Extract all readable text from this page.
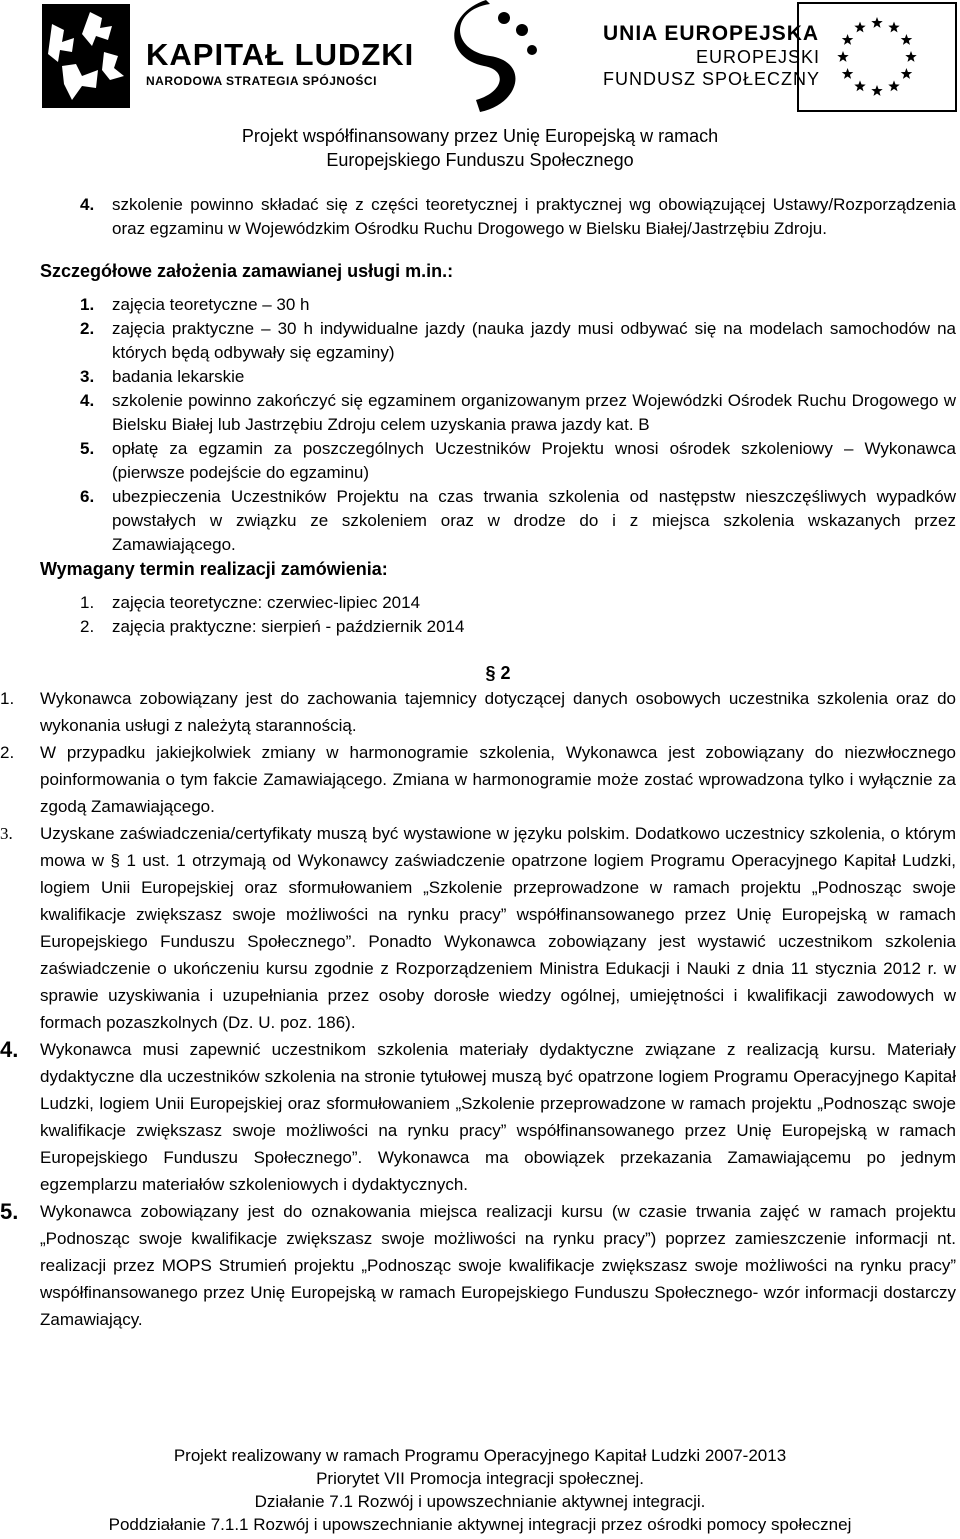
KAPITAŁ LUDZKI
NARODOWA STRATEGIA SPÓJNOŚCI
UNIA EUROPEJSKA
EUROPEJSKI
FUNDUSZ SPOŁECZNY
Projekt współfinansowany przez Unię Europejską w ramach
Europejskiego Funduszu Społecznego
4. szkolenie powinno składać się z części teoretycznej i praktycznej wg obowiązującej Ustawy/Rozporządzenia oraz egzaminu w Wojewódzkim Ośrodku Ruchu Drogowego w Bielsku Białej/Jastrzębiu Zdroju.
Szczegółowe założenia zamawianej usługi m.in.:
1. zajęcia teoretyczne – 30 h
2. zajęcia praktyczne – 30 h indywidualne jazdy (nauka jazdy musi odbywać się na modelach samochodów na których będą odbywały się egzaminy)
3. badania lekarskie
4. szkolenie powinno zakończyć się egzaminem organizowanym przez Wojewódzki Ośrodek Ruchu Drogowego w Bielsku Białej lub Jastrzębiu Zdroju celem uzyskania prawa jazdy kat. B
5. opłatę za egzamin za poszczególnych Uczestników Projektu wnosi ośrodek szkoleniowy – Wykonawca (pierwsze podejście do egzaminu)
6. ubezpieczenia Uczestników Projektu na czas trwania szkolenia od następstw nieszczęśliwych wypadków powstałych w związku ze szkoleniem oraz w drodze do i z miejsca szkolenia wskazanych przez Zamawiającego.
Wymagany termin realizacji zamówienia:
1. zajęcia teoretyczne: czerwiec-lipiec 2014
2. zajęcia praktyczne: sierpień - październik 2014
§ 2
1. Wykonawca zobowiązany jest do zachowania tajemnicy dotyczącej danych osobowych uczestnika szkolenia oraz do wykonania usługi z należytą starannością.
2. W przypadku jakiejkolwiek zmiany w harmonogramie szkolenia, Wykonawca jest zobowiązany do niezwłocznego poinformowania o tym fakcie Zamawiającego. Zmiana w harmonogramie może zostać wprowadzona tylko i wyłącznie za zgodą Zamawiającego.
3. Uzyskane zaświadczenia/certyfikaty muszą być wystawione w języku polskim. Dodatkowo uczestnicy szkolenia, o którym mowa w § 1 ust. 1 otrzymają od Wykonawcy zaświadczenie opatrzone logiem Programu Operacyjnego Kapitał Ludzki, logiem Unii Europejskiej oraz sformułowaniem „Szkolenie przeprowadzone w ramach projektu „Podnosząc swoje kwalifikacje zwiększasz swoje możliwości na rynku pracy” współfinansowanego przez Unię Europejską w ramach Europejskiego Funduszu Społecznego”. Ponadto Wykonawca zobowiązany jest wystawić uczestnikom szkolenia zaświadczenie o ukończeniu kursu zgodnie z Rozporządzeniem Ministra Edukacji i Nauki z dnia 11 stycznia 2012 r. w sprawie uzyskiwania i uzupełniania przez osoby dorosłe wiedzy ogólnej, umiejętności i kwalifikacji zawodowych w formach pozaszkolnych (Dz. U. poz. 186).
4. Wykonawca musi zapewnić uczestnikom szkolenia materiały dydaktyczne związane z realizacją kursu. Materiały dydaktyczne dla uczestników szkolenia na stronie tytułowej muszą być opatrzone logiem Programu Operacyjnego Kapitał Ludzki, logiem Unii Europejskiej oraz sformułowaniem „Szkolenie przeprowadzone w ramach projektu „Podnosząc swoje kwalifikacje zwiększasz swoje możliwości na rynku pracy” współfinansowanego przez Unię Europejską w ramach Europejskiego Funduszu Społecznego”. Wykonawca ma obowiązek przekazania Zamawiającemu po jednym egzemplarzu materiałów szkoleniowych i dydaktycznych.
5. Wykonawca zobowiązany jest do oznakowania miejsca realizacji kursu (w czasie trwania zajęć w ramach projektu „Podnosząc swoje kwalifikacje zwiększasz swoje możliwości na rynku pracy”) poprzez zamieszczenie informacji nt. realizacji przez MOPS Strumień projektu „Podnosząc swoje kwalifikacje zwiększasz swoje możliwości na rynku pracy” współfinansowanego przez Unię Europejską w ramach Europejskiego Funduszu Społecznego- wzór informacji dostarczy Zamawiający.
Projekt realizowany w ramach Programu Operacyjnego Kapitał Ludzki 2007-2013
Priorytet VII Promocja integracji społecznej.
Działanie 7.1 Rozwój i upowszechnianie aktywnej integracji.
Poddziałanie 7.1.1 Rozwój i upowszechnianie aktywnej integracji przez ośrodki pomocy społecznej
